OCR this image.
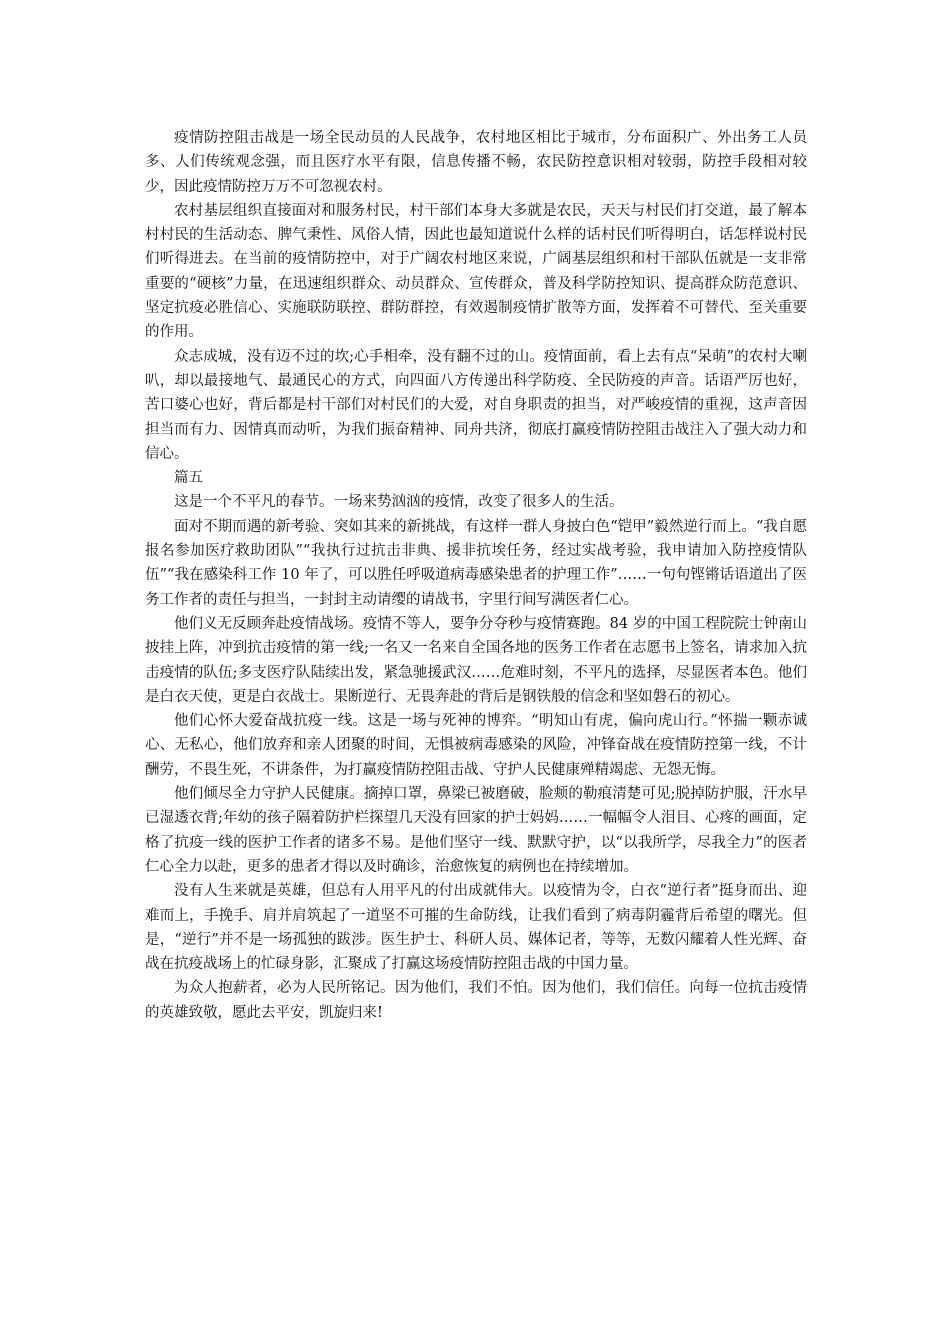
疫情防控阻击战是一场全民动员的人民战争，农村地区相比于城市，分布面积广、外出务工人员多、人们传统观念强，而且医疗水平有限，信息传播不畅，农民防控意识相对较弱，防控手段相对较少，因此疫情防控万万不可忽视农村。

农村基层组织直接面对和服务村民，村干部们本身大多就是农民，天天与村民们打交道，最了解本村村民的生活动态、脾气秉性、风俗人情，因此也最知道说什么样的话村民们听得明白，话怎样说村民们听得进去。在当前的疫情防控中，对于广阔农村地区来说，广阔基层组织和村干部队伍就是一支非常重要的“硬核”力量，在迅速组织群众、动员群众、宣传群众，普及科学防控知识、提高群众防范意识、坚定抗疫必胜信心、实施联防联控、群防群控，有效遏制疫情扩散等方面，发挥着不可替代、至关重要的作用。

众志成城，没有迈不过的坎;心手相牵，没有翻不过的山。疫情面前，看上去有点“呆萌”的农村大喇叭，却以最接地气、最通民心的方式，向四面八方传递出科学防疫、全民防疫的声音。话语严厉也好，苦口婆心也好，背后都是村干部们对村民们的大爱，对自身职责的担当，对严峻疫情的重视，这声音因担当而有力、因情真而动听，为我们振奋精神、同舟共济，彻底打赢疫情防控阻击战注入了强大动力和信心。

篇五

这是一个不平凡的春节。一场来势汹汹的疫情，改变了很多人的生活。

面对不期而遇的新考验、突如其来的新挑战，有这样一群人身披白色“铠甲”毅然逆行而上。“我自愿报名参加医疗救助团队”“我执行过抗击非典、援非抗埃任务，经过实战考验，我申请加入防控疫情队伍”“我在感染科工作 10 年了，可以胜任呼吸道病毒感染患者的护理工作”……一句句铿锵话语道出了医务工作者的责任与担当，一封封主动请缨的请战书，字里行间写满医者仁心。

他们义无反顾奔赴疫情战场。疫情不等人，要争分夺秒与疫情赛跑。84 岁的中国工程院院士钟南山披挂上阵，冲到抗击疫情的第一线;一名又一名来自全国各地的医务工作者在志愿书上签名，请求加入抗击疫情的队伍;多支医疗队陆续出发，紧急驰援武汉……危难时刻，不平凡的选择，尽显医者本色。他们是白衣天使，更是白衣战士。果断逆行、无畏奔赴的背后是钢铁般的信念和坚如磐石的初心。

他们心怀大爱奋战抗疫一线。这是一场与死神的博弈。“明知山有虎，偏向虎山行。”怀揣一颗赤诚心、无私心，他们放弃和亲人团聚的时间，无惧被病毒感染的风险，冲锋奋战在疫情防控第一线，不计酬劳，不畏生死，不讲条件，为打赢疫情防控阻击战、守护人民健康殚精竭虑、无怨无悔。

他们倾尽全力守护人民健康。摘掉口罩，鼻梁已被磨破，脸颊的勒痕清楚可见;脱掉防护服，汗水早已湿透衣背;年幼的孩子隔着防护栏探望几天没有回家的护士妈妈……一幅幅令人泪目、心疼的画面，定格了抗疫一线的医护工作者的诸多不易。是他们坚守一线、默默守护，以“以我所学，尽我全力”的医者仁心全力以赴，更多的患者才得以及时确诊，治愈恢复的病例也在持续增加。

没有人生来就是英雄，但总有人用平凡的付出成就伟大。以疫情为令，白衣“逆行者”挺身而出、迎难而上，手挽手、肩并肩筑起了一道坚不可摧的生命防线，让我们看到了病毒阴霾背后希望的曙光。但是，“逆行”并不是一场孤独的跋涉。医生护士、科研人员、媒体记者，等等，无数闪耀着人性光辉、奋战在抗疫战场上的忙碌身影，汇聚成了打赢这场疫情防控阻击战的中国力量。

为众人抱薪者，必为人民所铭记。因为他们，我们不怕。因为他们，我们信任。向每一位抗击疫情的英雄致敬，愿此去平安，凯旋归来!
